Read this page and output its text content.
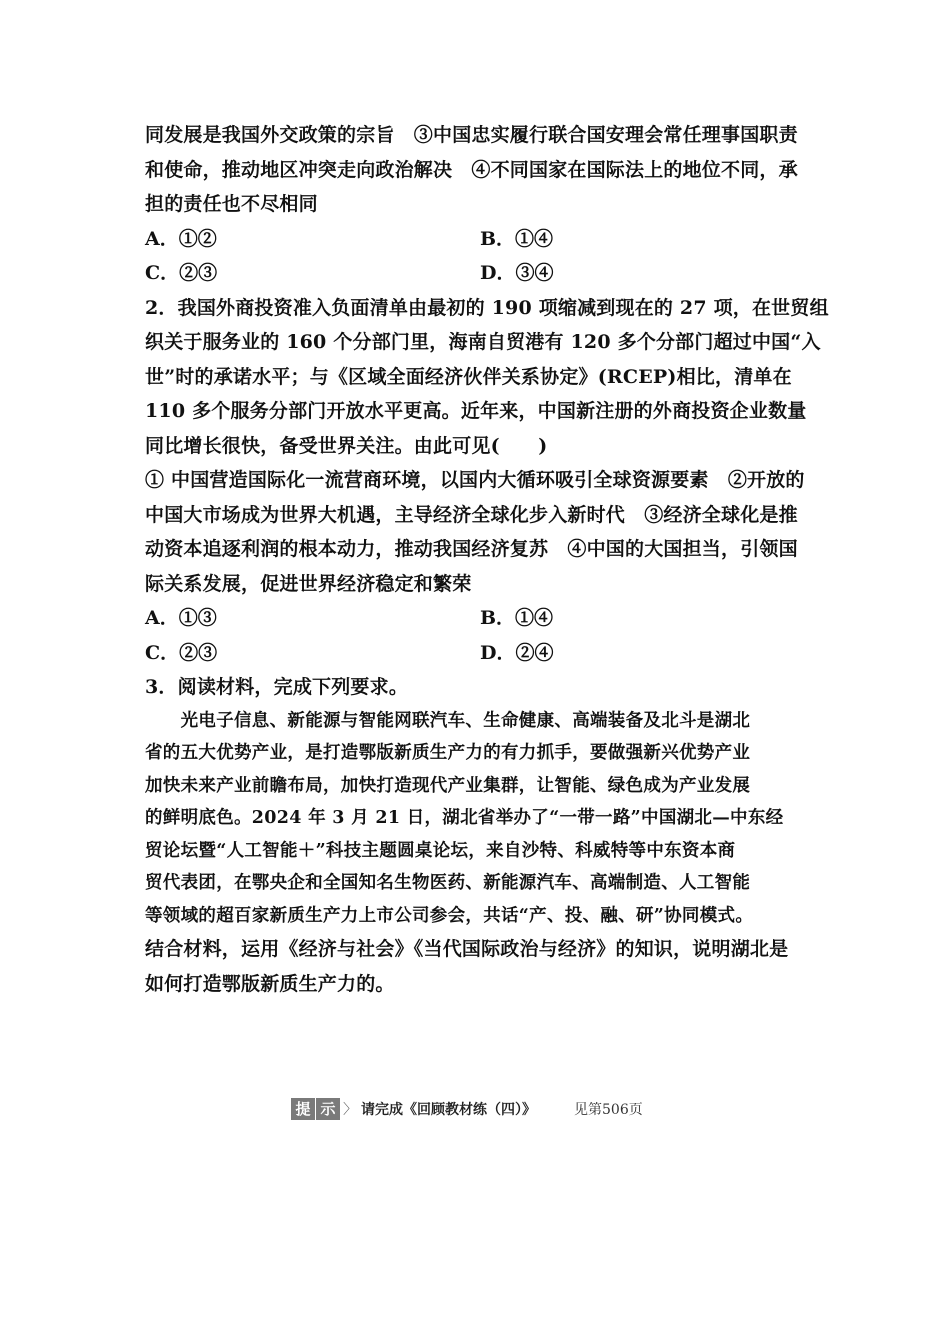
同发展是我国外交政策的宗旨　③中国忠实履行联合国安理会常任理事国职责
和使命，推动地区冲突走向政治解决　④不同国家在国际法上的地位不同，承
担的责任也不尽相同
A．①②	B．①④
C．②③	D．③④
2．我国外商投资准入负面清单由最初的 190 项缩减到现在的 27 项，在世贸组
织关于服务业的 160 个分部门里，海南自贸港有 120 多个分部门超过中国“入
世”时的承诺水平；与《区域全面经济伙伴关系协定》(RCEP)相比，清单在
110 多个服务分部门开放水平更高。近年来，中国新注册的外商投资企业数量
同比增长很快，备受世界关注。由此可见(　　)
① 中国营造国际化一流营商环境，以国内大循环吸引全球资源要素　②开放的
中国大市场成为世界大机遇，主导经济全球化步入新时代　③经济全球化是推
动资本追逐利润的根本动力，推动我国经济复苏　④中国的大国担当，引领国
际关系发展，促进世界经济稳定和繁荣
A．①③	B．①④
C．②③	D．②④
3．阅读材料，完成下列要求。
　　光电子信息、新能源与智能网联汽车、生命健康、高端装备及北斗是湖北
省的五大优势产业，是打造鄂版新质生产力的有力抓手，要做强新兴优势产业
加快未来产业前瞻布局，加快打造现代产业集群，让智能、绿色成为产业发展
的鲜明底色。2024 年 3 月 21 日，湖北省举办了“一带一路”中国湖北—中东经
贸论坛暨“人工智能＋”科技主题圆桌论坛，来自沙特、科威特等中东资本商
贸代表团，在鄂央企和全国知名生物医药、新能源汽车、高端制造、人工智能
等领域的超百家新质生产力上市公司参会，共话“产、投、融、研”协同模式。
结合材料，运用《经济与社会》《当代国际政治与经济》的知识，说明湖北是
如何打造鄂版新质生产力的。
提 示 〉 请完成《回顾教材练（四）》	见第506页
